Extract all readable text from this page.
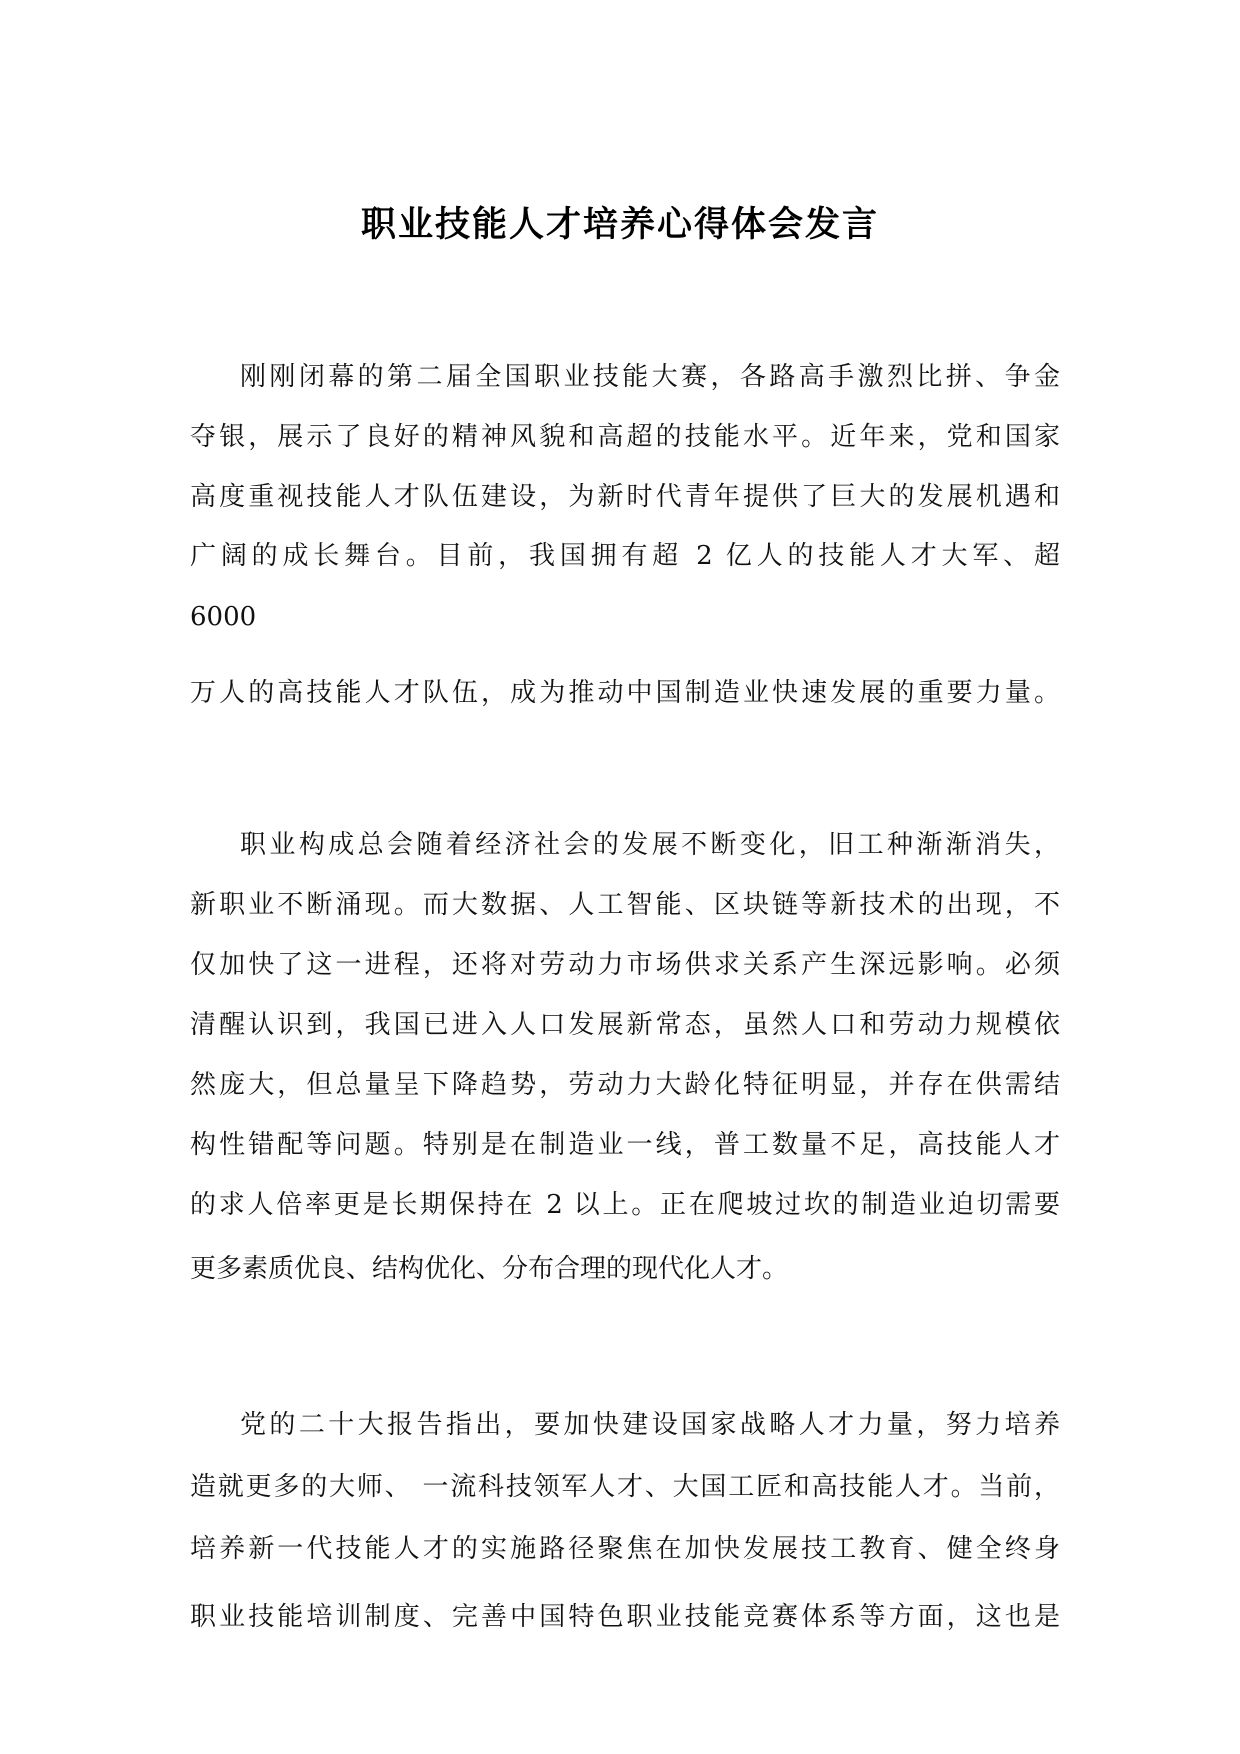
职业技能人才培养心得体会发言
刚刚闭幕的第二届全国职业技能大赛，各路高手激烈比拼、争金
夺银，展示了良好的精神风貌和高超的技能水平。近年来，党和国家
高度重视技能人才队伍建设，为新时代青年提供了巨大的发展机遇和
广阔的成长舞台。目前，我国拥有超 2 亿人的技能人才大军、超
6000
万人的高技能人才队伍，成为推动中国制造业快速发展的重要力量。
职业构成总会随着经济社会的发展不断变化，旧工种渐渐消失，
新职业不断涌现。而大数据、人工智能、区块链等新技术的出现，不
仅加快了这一进程，还将对劳动力市场供求关系产生深远影响。必须
清醒认识到，我国已进入人口发展新常态，虽然人口和劳动力规模依
然庞大，但总量呈下降趋势，劳动力大龄化特征明显，并存在供需结
构性错配等问题。特别是在制造业一线，普工数量不足，高技能人才
的求人倍率更是长期保持在 2 以上。正在爬坡过坎的制造业迫切需要
更多素质优良、结构优化、分布合理的现代化人才。
党的二十大报告指出，要加快建设国家战略人才力量，努力培养
造就更多的大师、 一流科技领军人才、大国工匠和高技能人才。当前，
培养新一代技能人才的实施路径聚焦在加快发展技工教育、健全终身
职业技能培训制度、完善中国特色职业技能竞赛体系等方面，这也是
